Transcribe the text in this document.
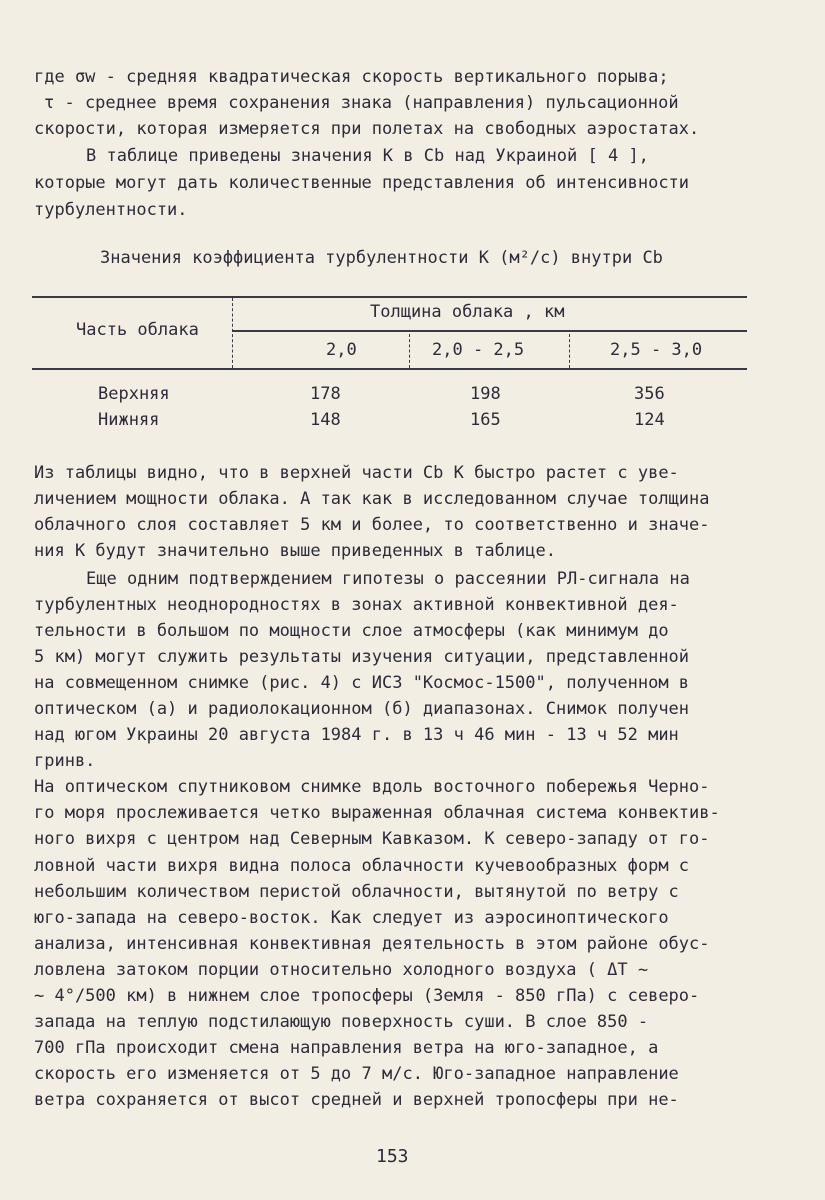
где σw - средняя квадратическая скорость вертикального порыва;
τ - среднее время сохранения знака (направления) пульсационной
скорости, которая измеряется при полетах на свободных аэростатах.
В таблице приведены значения К в Сb над Украиной [ 4 ],
которые могут дать количественные представления об интенсивности
турбулентности.
Значения коэффициента турбулентности К (м²/с) внутри Сb
Часть облака
Толщина облака , км
2,0	2,0 - 2,5	2,5 - 3,0
Верхняя	178	198	356
Нижняя	148	165	124
Из таблицы видно, что в верхней части Сb К быстро растет с уве-
личением мощности облака. А так как в исследованном случае толщина
облачного слоя составляет 5 км и более, то соответственно и значе-
ния К будут значительно выше приведенных в таблице.
Еще одним подтверждением гипотезы о рассеянии РЛ-сигнала на
турбулентных неоднородностях в зонах активной конвективной дея-
тельности в большом по мощности слое атмосферы (как минимум до
5 км) могут служить результаты изучения ситуации, представленной
на совмещенном снимке (рис. 4) с ИСЗ "Космос-1500", полученном в
оптическом (а) и радиолокационном (б) диапазонах. Снимок получен
над югом Украины 20 августа 1984 г. в 13 ч 46 мин - 13 ч 52 мин
гринв.
На оптическом спутниковом снимке вдоль восточного побережья Черно-
го моря прослеживается четко выраженная облачная система конвектив-
ного вихря с центром над Северным Кавказом. К северо-западу от го-
ловной части вихря видна полоса облачности кучевообразных форм с
небольшим количеством перистой облачности, вытянутой по ветру с
юго-запада на северо-восток. Как следует из аэросиноптического
анализа, интенсивная конвективная деятельность в этом районе обус-
ловлена затоком порции относительно холодного воздуха ( ΔT ~
~ 4°/500 км) в нижнем слое тропосферы (Земля - 850 гПа) с северо-
запада на теплую подстилающую поверхность суши. В слое 850 -
700 гПа происходит смена направления ветра на юго-западное, а
скорость его изменяется от 5 до 7 м/с. Юго-западное направление
ветра сохраняется от высот средней и верхней тропосферы при не-
153
